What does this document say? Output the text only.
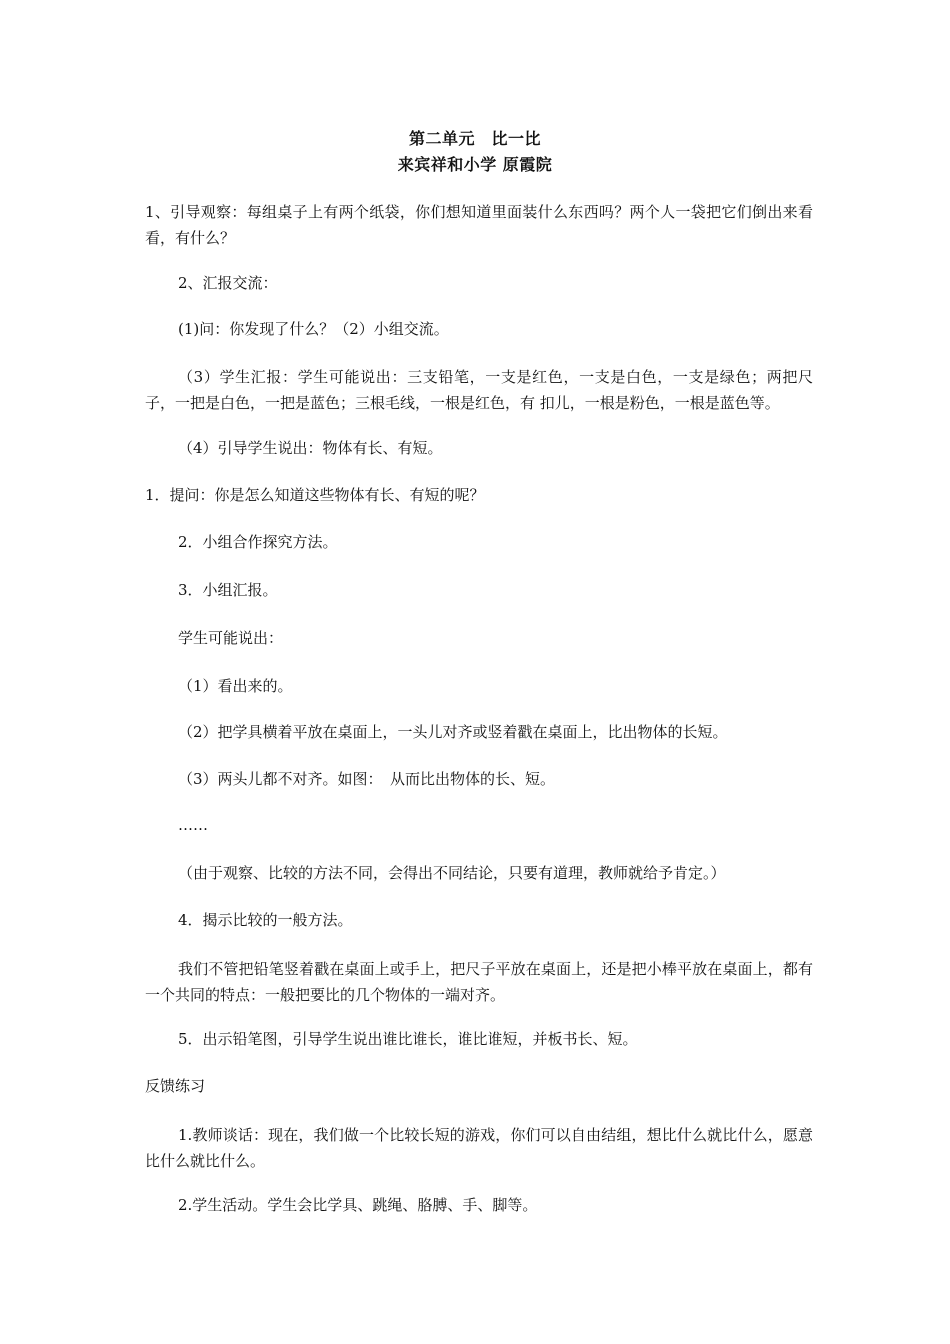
第二单元　比一比
来宾祥和小学 原霞院
1、引导观察：每组桌子上有两个纸袋，你们想知道里面装什么东西吗？两个人一袋把它们倒出来看看，有什么？
2、汇报交流：
(1)问：你发现了什么？（2）小组交流。
（3）学生汇报：学生可能说出：三支铅笔，一支是红色，一支是白色，一支是绿色；两把尺子，一把是白色，一把是蓝色；三根毛线，一根是红色，有 扣儿，一根是粉色，一根是蓝色等。
（4）引导学生说出：物体有长、有短。
1．提问：你是怎么知道这些物体有长、有短的呢？
2．小组合作探究方法。
3．小组汇报。
学生可能说出：
（1）看出来的。
（2）把学具横着平放在桌面上，一头儿对齐或竖着戳在桌面上，比出物体的长短。
（3）两头儿都不对齐。如图：　从而比出物体的长、短。
……
（由于观察、比较的方法不同，会得出不同结论，只要有道理，教师就给予肯定。）
4．揭示比较的一般方法。
我们不管把铅笔竖着戳在桌面上或手上，把尺子平放在桌面上，还是把小棒平放在桌面上，都有一个共同的特点：一般把要比的几个物体的一端对齐。
5．出示铅笔图，引导学生说出谁比谁长，谁比谁短，并板书长、短。
反馈练习
1.教师谈话：现在，我们做一个比较长短的游戏，你们可以自由结组，想比什么就比什么，愿意比什么就比什么。
2.学生活动。学生会比学具、跳绳、胳膊、手、脚等。
